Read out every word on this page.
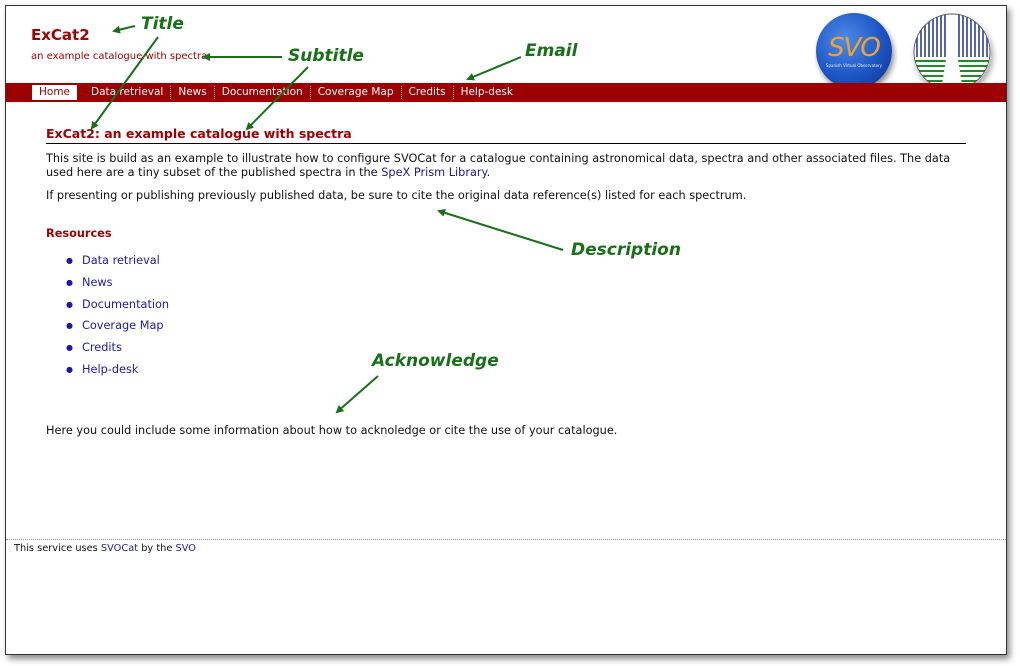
ExCat2
an example catalogue with spectra	SVO
Spanish Virtual Observatory
Home	Data retrieval	News	Documentation	Coverage Map	Credits	Help-desk
ExCat2: an example catalogue with spectra

This site is build as an example to illustrate how to configure SVOCat for a catalogue containing astronomical data, spectra and other associated files. The data used here are a tiny subset of the published spectra in the SpeX Prism Library.

If presenting or publishing previously published data, be sure to cite the original data reference(s) listed for each spectrum.

Resources
● Data retrieval
● News
● Documentation
● Coverage Map
● Credits
● Help-desk
Here you could include some information about how to acknoledge or cite the use of your catalogue.
This service uses SVOCat by the SVO
Title
Subtitle	Email
Description
Acknowledge
